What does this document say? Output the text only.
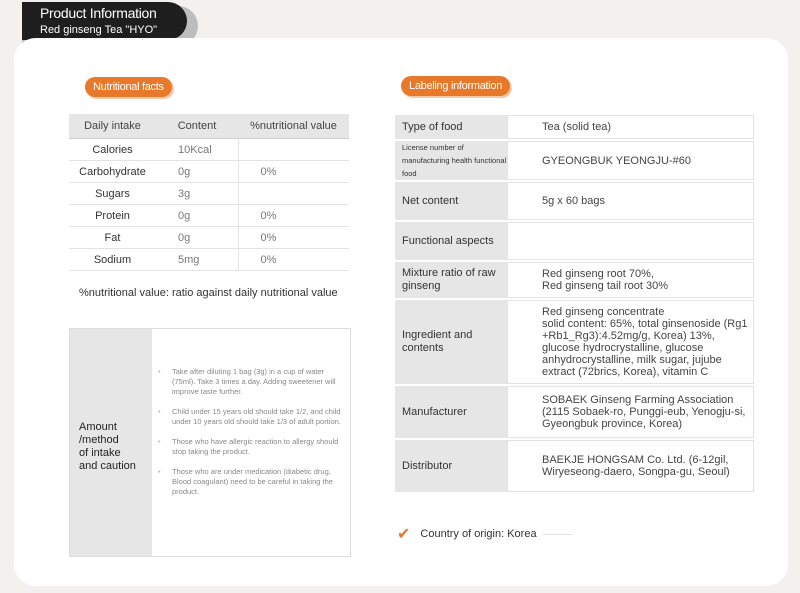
Product Information
Red ginseng Tea "HYO"
Nutritional facts
Daily intake	Content	%nutritional value
Calories	10Kcal	
Carbohydrate	0g	0%
Sugars	3g	
Protein	0g	0%
Fat	0g	0%
Sodium	5mg	0%
%nutritional value: ratio against daily nutritional value
Amount
/method
of intake
and caution
• Take after diluting 1 bag (3g) in a cup of water (75ml). Take 3 times a day. Adding sweetener will improve taste further.
• Child under 15 years old should take 1/2, and child under 10 years old should take 1/3 of adult portion.
• Those who have allergic reaction to allergy should stop taking the product.
• Those who are under medication (diabetic drug, Blood coagulant) need to be careful in taking the product.
Labeling information
Type of food	Tea (solid tea)
License number of manufacturing health functional food	GYEONGBUK YEONGJU-#60
Net content	5g x 60 bags
Functional aspects	
Mixture ratio of raw ginseng	Red ginseng root 70%,
Red ginseng tail root 30%
Ingredient and contents	Red ginseng concentrate
solid content: 65%, total ginsenoside (Rg1 +Rb1_Rg3):4.52mg/g, Korea) 13%, glucose hydrocrystalline, glucose anhydrocrystalline, milk sugar, jujube extract (72brics, Korea), vitamin C
Manufacturer	SOBAEK Ginseng Farming Association
(2115 Sobaek-ro, Punggi-eub, Yenogju-si, Gyeongbuk province, Korea)
Distributor	BAEKJE HONGSAM Co. Ltd. (6-12gil, Wiryeseong-daero, Songpa-gu, Seoul)
✔ Country of origin: Korea
